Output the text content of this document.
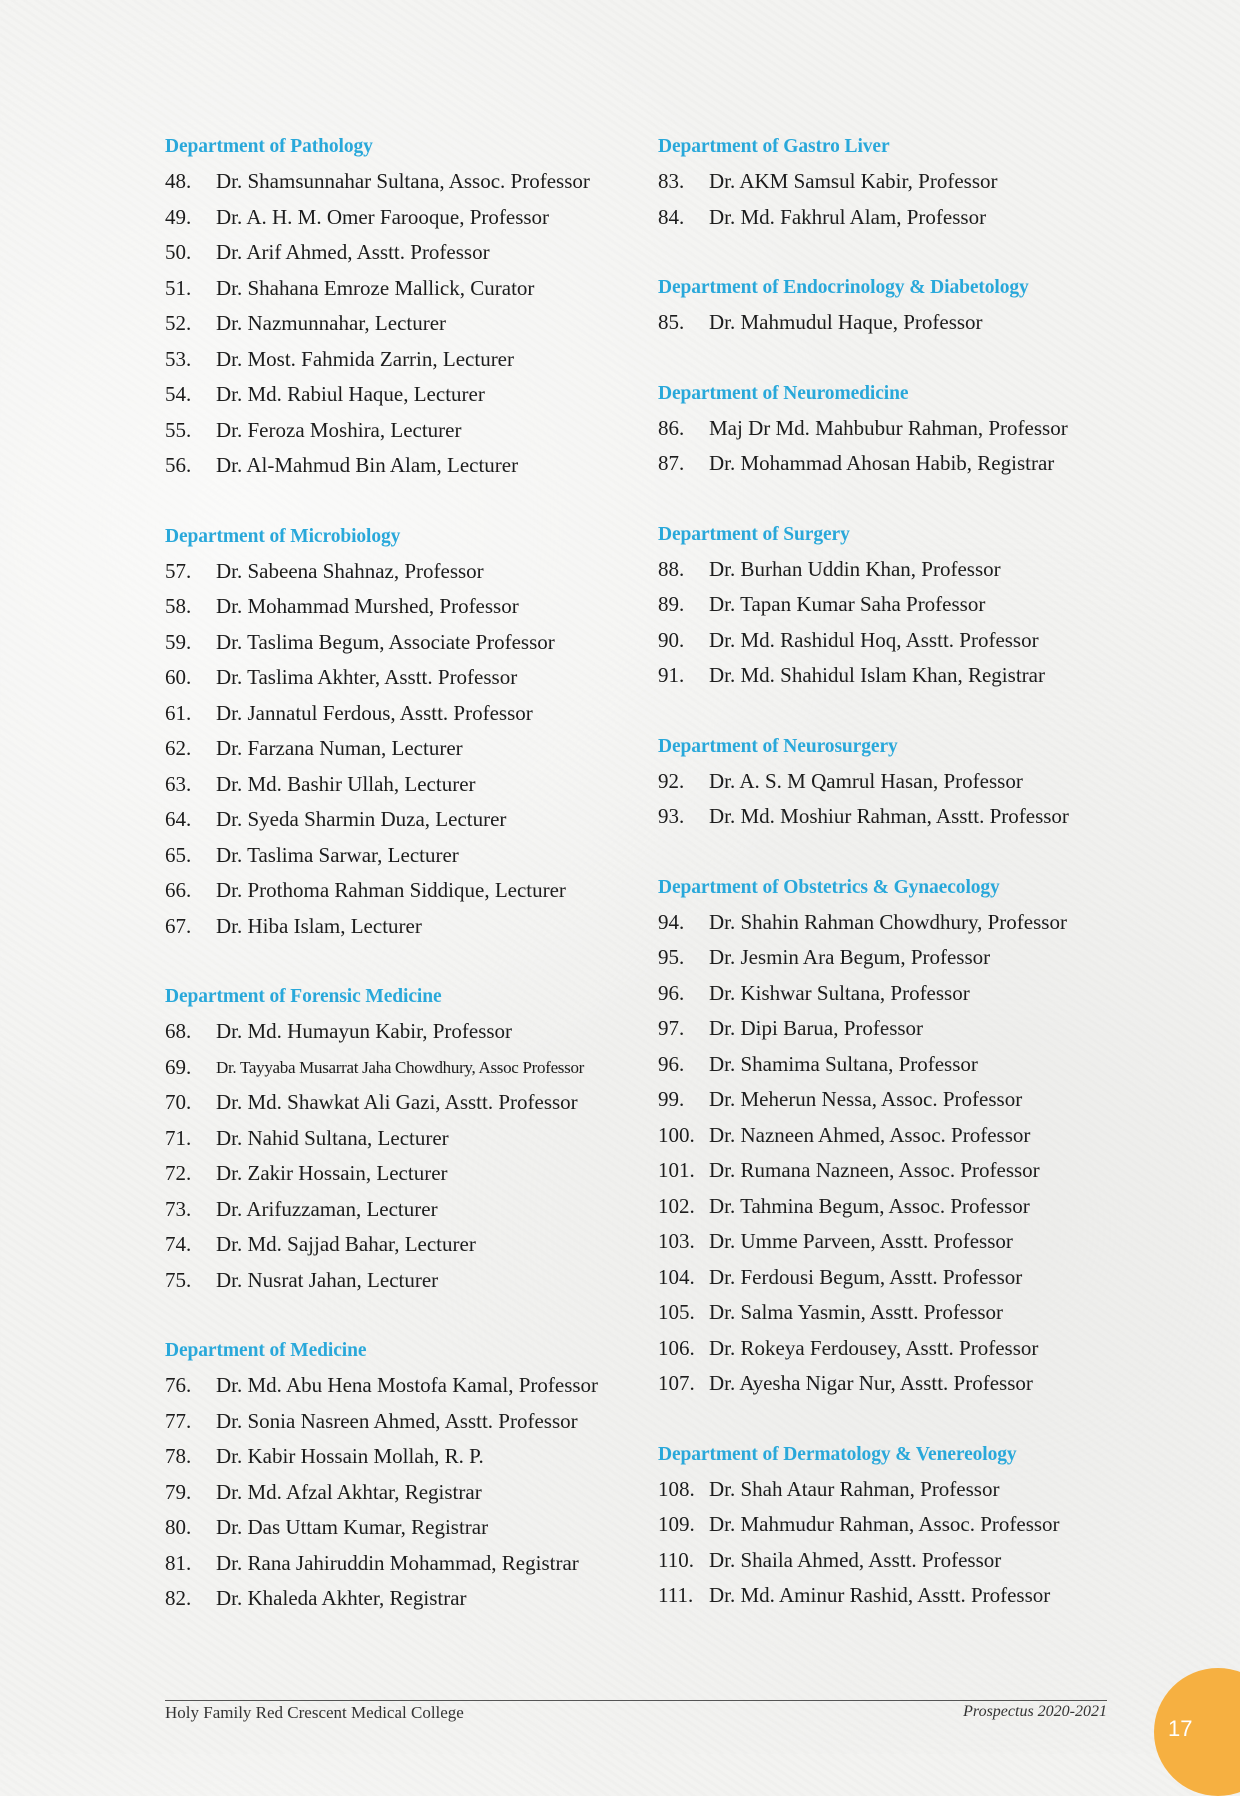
Department of Pathology
48.	Dr. Shamsunnahar Sultana, Assoc. Professor
49.	Dr. A. H. M. Omer Farooque, Professor
50.	Dr. Arif Ahmed, Asstt. Professor
51.	Dr. Shahana Emroze Mallick, Curator
52.	Dr. Nazmunnahar, Lecturer
53.	Dr. Most. Fahmida Zarrin, Lecturer
54.	Dr. Md. Rabiul Haque, Lecturer
55.	Dr. Feroza Moshira, Lecturer
56.	Dr. Al-Mahmud Bin Alam, Lecturer
Department of Microbiology
57.	Dr. Sabeena Shahnaz, Professor
58.	Dr. Mohammad Murshed, Professor
59.	Dr. Taslima Begum, Associate Professor
60.	Dr. Taslima Akhter, Asstt. Professor
61.	Dr. Jannatul Ferdous, Asstt. Professor
62.	Dr. Farzana Numan, Lecturer
63.	Dr. Md. Bashir Ullah, Lecturer
64.	Dr. Syeda Sharmin Duza, Lecturer
65.	Dr. Taslima Sarwar, Lecturer
66.	Dr. Prothoma Rahman Siddique, Lecturer
67.	Dr. Hiba Islam, Lecturer
Department of Forensic Medicine
68.	Dr. Md. Humayun Kabir, Professor
69.	Dr. Tayyaba Musarrat Jaha Chowdhury, Assoc Professor
70.	Dr. Md. Shawkat Ali Gazi, Asstt. Professor
71.	Dr. Nahid Sultana, Lecturer
72.	Dr. Zakir Hossain, Lecturer
73.	Dr. Arifuzzaman, Lecturer
74.	Dr. Md. Sajjad Bahar, Lecturer
75.	Dr. Nusrat Jahan, Lecturer
Department of Medicine
76.	Dr. Md. Abu Hena Mostofa Kamal, Professor
77.	Dr. Sonia Nasreen Ahmed, Asstt. Professor
78.	Dr. Kabir Hossain Mollah, R. P.
79.	Dr. Md. Afzal Akhtar, Registrar
80.	Dr. Das Uttam Kumar, Registrar
81.	Dr. Rana Jahiruddin Mohammad, Registrar
82.	Dr. Khaleda Akhter, Registrar
Department of Gastro Liver
83.	Dr. AKM Samsul Kabir, Professor
84.	Dr. Md. Fakhrul Alam, Professor
Department of Endocrinology & Diabetology
85.	Dr. Mahmudul Haque, Professor
Department of Neuromedicine
86.	Maj Dr Md. Mahbubur Rahman, Professor
87.	Dr. Mohammad Ahosan Habib, Registrar
Department of Surgery
88.	Dr. Burhan Uddin Khan, Professor
89.	Dr. Tapan Kumar Saha Professor
90.	Dr. Md. Rashidul Hoq, Asstt. Professor
91.	Dr. Md. Shahidul Islam Khan, Registrar
Department of Neurosurgery
92.	Dr. A. S. M Qamrul Hasan, Professor
93.	Dr. Md. Moshiur Rahman, Asstt. Professor
Department of Obstetrics & Gynaecology
94.	Dr. Shahin Rahman Chowdhury, Professor
95.	Dr. Jesmin Ara Begum, Professor
96.	Dr. Kishwar Sultana, Professor
97.	Dr. Dipi Barua, Professor
96.	Dr. Shamima Sultana, Professor
99.	Dr. Meherun Nessa, Assoc. Professor
100. Dr. Nazneen Ahmed, Assoc. Professor
101. Dr. Rumana Nazneen, Assoc. Professor
102. Dr. Tahmina Begum, Assoc. Professor
103. Dr. Umme Parveen, Asstt. Professor
104. Dr. Ferdousi Begum, Asstt. Professor
105. Dr. Salma Yasmin, Asstt. Professor
106. Dr. Rokeya Ferdousey, Asstt. Professor
107. Dr. Ayesha Nigar Nur, Asstt. Professor
Department of Dermatology & Venereology
108. Dr. Shah Ataur Rahman, Professor
109. Dr. Mahmudur Rahman, Assoc. Professor
110. Dr. Shaila Ahmed, Asstt. Professor
111. Dr. Md. Aminur Rashid, Asstt. Professor
Holy Family Red Crescent Medical College	Prospectus 2020-2021
17
